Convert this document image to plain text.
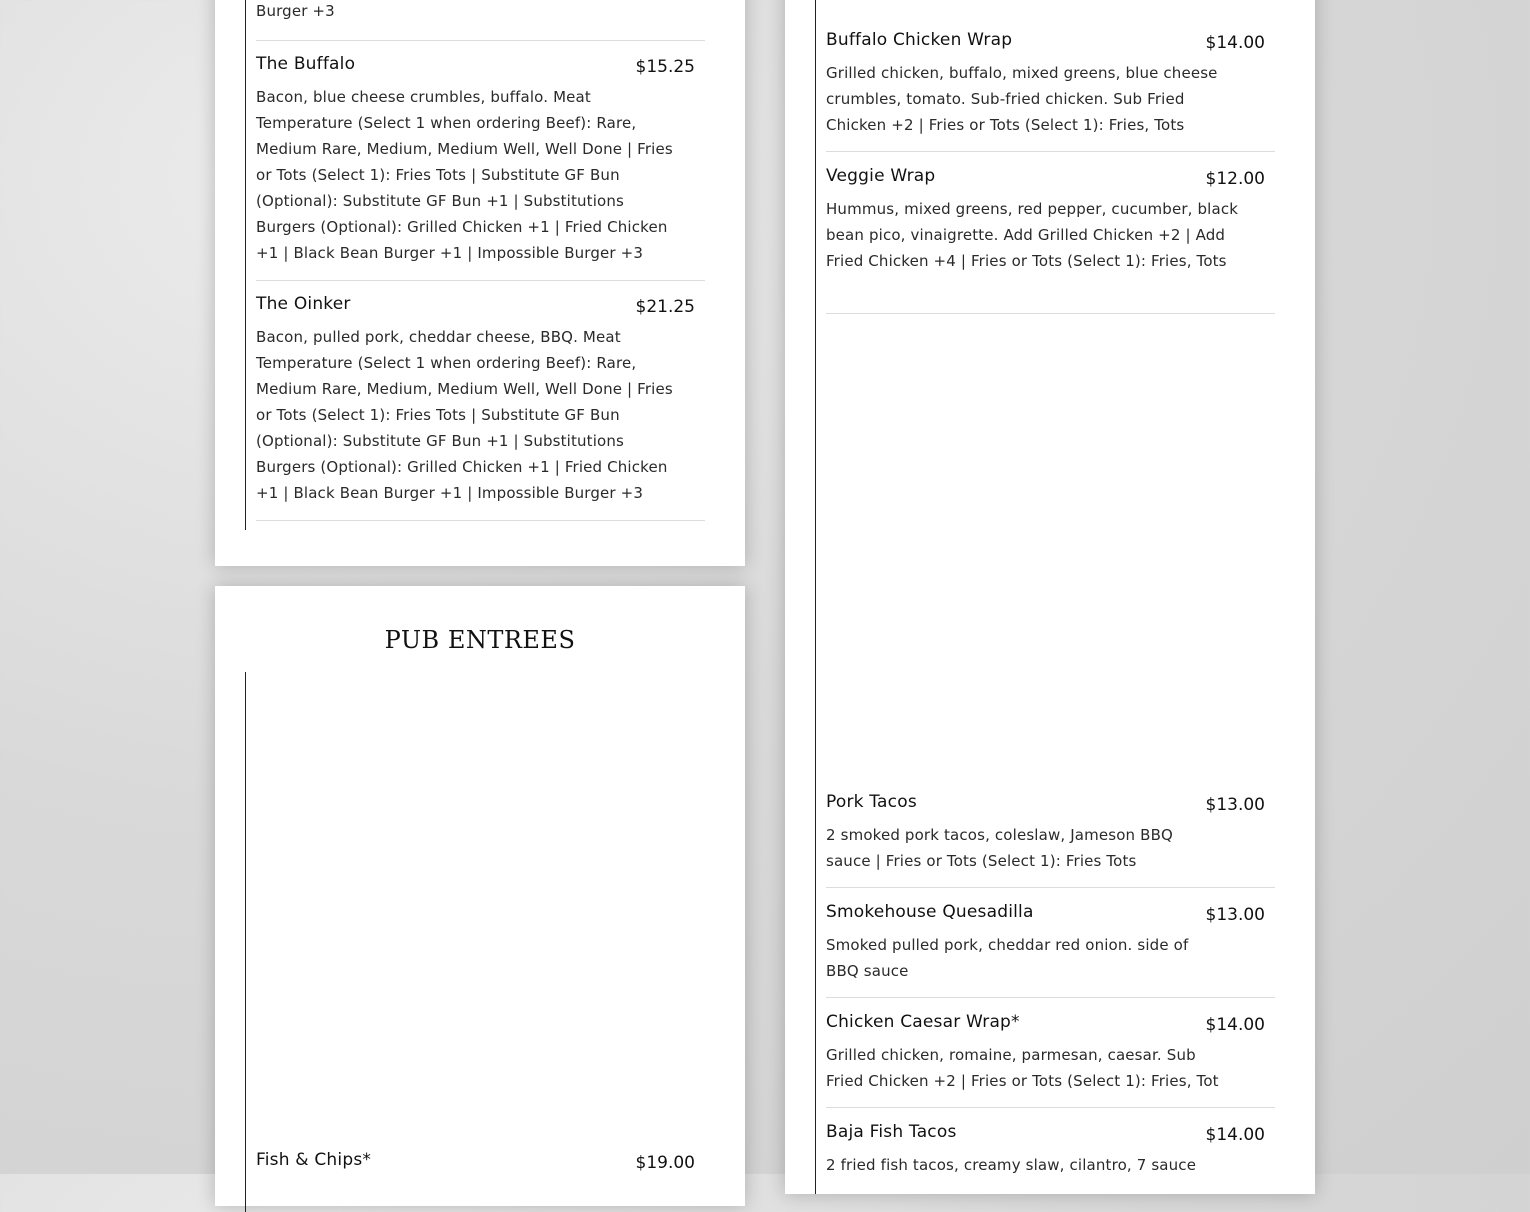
Burger +3
The Buffalo	$15.25
Bacon, blue cheese crumbles, buffalo. Meat Temperature (Select 1 when ordering Beef): Rare, Medium Rare, Medium, Medium Well, Well Done | Fries or Tots (Select 1): Fries Tots | Substitute GF Bun (Optional): Substitute GF Bun +1 | Substitutions Burgers (Optional): Grilled Chicken +1 | Fried Chicken +1 | Black Bean Burger +1 | Impossible Burger +3
The Oinker	$21.25
Bacon, pulled pork, cheddar cheese, BBQ. Meat Temperature (Select 1 when ordering Beef): Rare, Medium Rare, Medium, Medium Well, Well Done | Fries or Tots (Select 1): Fries Tots | Substitute GF Bun (Optional): Substitute GF Bun +1 | Substitutions Burgers (Optional): Grilled Chicken +1 | Fried Chicken +1 | Black Bean Burger +1 | Impossible Burger +3
PUB ENTREES
Fish & Chips*	$19.00
Buffalo Chicken Wrap	$14.00
Grilled chicken, buffalo, mixed greens, blue cheese crumbles, tomato. Sub-fried chicken. Sub Fried Chicken +2 | Fries or Tots (Select 1): Fries, Tots
Veggie Wrap	$12.00
Hummus, mixed greens, red pepper, cucumber, black bean pico, vinaigrette. Add Grilled Chicken +2 | Add Fried Chicken +4 | Fries or Tots (Select 1): Fries, Tots
Pork Tacos	$13.00
2 smoked pork tacos, coleslaw, Jameson BBQ sauce | Fries or Tots (Select 1): Fries Tots
Smokehouse Quesadilla	$13.00
Smoked pulled pork, cheddar red onion. side of BBQ sauce
Chicken Caesar Wrap*	$14.00
Grilled chicken, romaine, parmesan, caesar. Sub Fried Chicken +2 | Fries or Tots (Select 1): Fries, Tot
Baja Fish Tacos	$14.00
2 fried fish tacos, creamy slaw, cilantro, 7 sauce
